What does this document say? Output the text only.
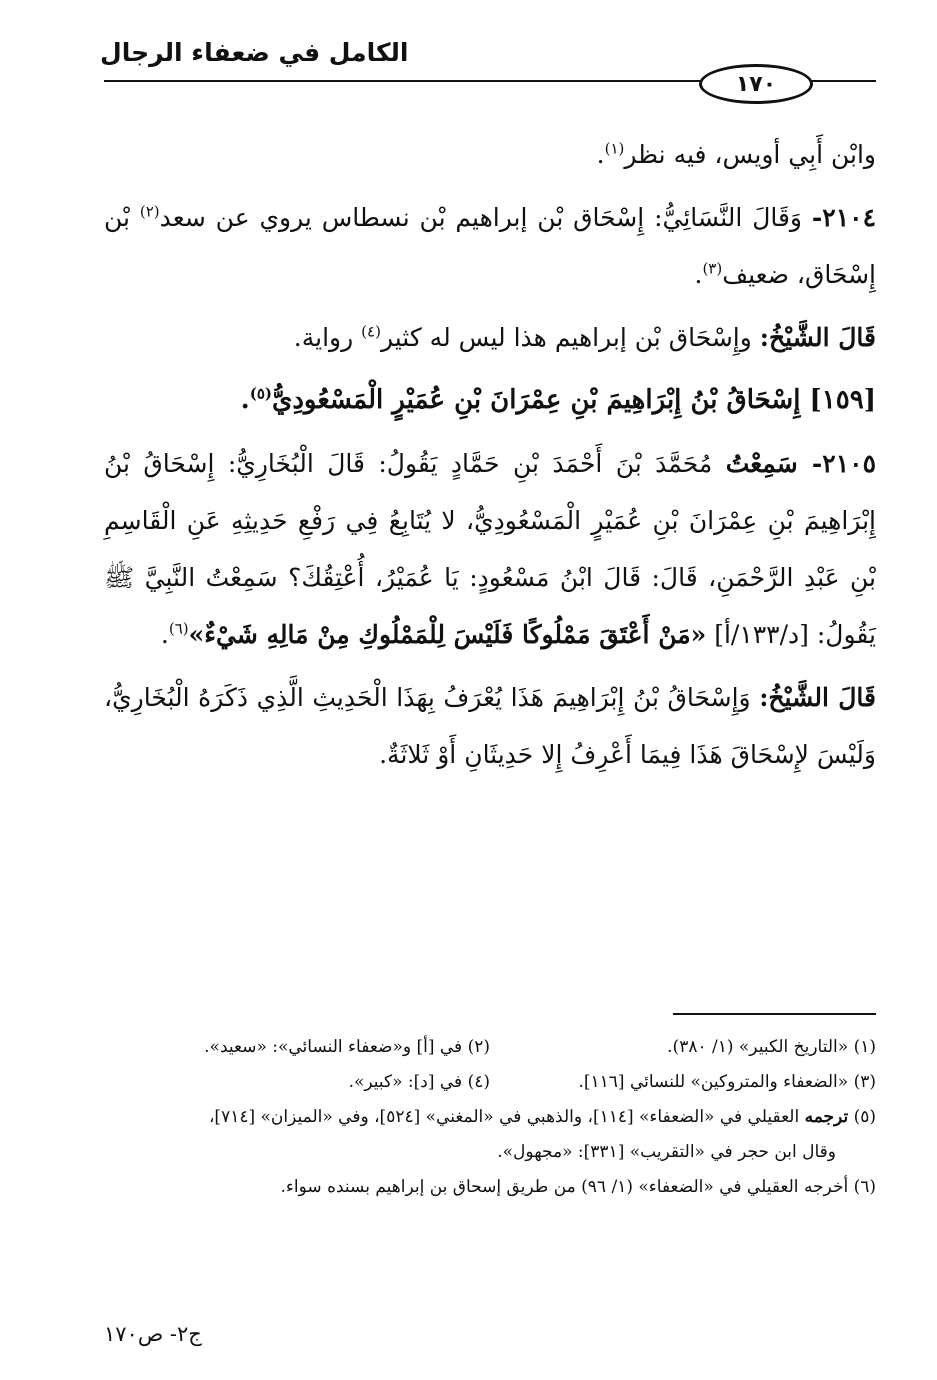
الكامل في ضعفاء الرجال
١٧٠

وابْن أَبِي أويس، فيه نظر$^{(١)}$.

٢١٠٤- وَقَالَ النَّسَائِيُّ: إِسْحَاق بْن إبراهيم بْن نسطاس يروي عن سعد$^{(٢)}$ بْن إِسْحَاق، ضعيف$^{(٣)}$.

قَالَ الشَّيْخُ: وإِسْحَاق بْن إبراهيم هذا ليس له كثير$^{(٤)}$ رواية.

[١٥٩] إِسْحَاقُ بْنُ إِبْرَاهِيمَ بْنِ عِمْرَانَ بْنِ عُمَيْرٍ الْمَسْعُودِيُّ$^{(٥)}$.

٢١٠٥- سَمِعْتُ مُحَمَّدَ بْنَ أَحْمَدَ بْنِ حَمَّادٍ يَقُولُ: قَالَ الْبُخَارِيُّ: إِسْحَاقُ بْنُ إِبْرَاهِيمَ بْنِ عِمْرَانَ بْنِ عُمَيْرٍ الْمَسْعُودِيُّ، لا يُتَابِعُ فِي رَفْعِ حَدِيثِهِ عَنِ الْقَاسِمِ بْنِ عَبْدِ الرَّحْمَنِ، قَالَ: قَالَ ابْنُ مَسْعُودٍ: يَا عُمَيْرُ، أُعْتِقُكَ؟ سَمِعْتُ النَّبِيَّ ﷺ يَقُولُ: [د/١٣٣/أ] «مَنْ أَعْتَقَ مَمْلُوكًا فَلَيْسَ لِلْمَمْلُوكِ مِنْ مَالِهِ شَيْءٌ»$^{(٦)}$.

قَالَ الشَّيْخُ: وَإِسْحَاقُ بْنُ إِبْرَاهِيمَ هَذَا يُعْرَفُ بِهَذَا الْحَدِيثِ الَّذِي ذَكَرَهُ الْبُخَارِيُّ، وَلَيْسَ لإِسْحَاقَ هَذَا فِيمَا أَعْرِفُ إِلا حَدِيثَانِ أَوْ ثَلاثَةٌ.

(١) «التاريخ الكبير» (١/ ٣٨٠).
(٢) في [أ] و«ضعفاء النسائي»: «سعيد».
(٣) «الضعفاء والمتروكين» للنسائي [١١٦].
(٤) في [د]: «كبير».
(٥) ترجمه العقيلي في «الضعفاء» [١١٤]، والذهبي في «المغني» [٥٢٤]، وفي «الميزان» [٧١٤]،
وقال ابن حجر في «التقريب» [٣٣١]: «مجهول».
(٦) أخرجه العقيلي في «الضعفاء» (١/ ٩٦) من طريق إسحاق بن إبراهيم بسنده سواء.
ج٢- ص١٧٠
